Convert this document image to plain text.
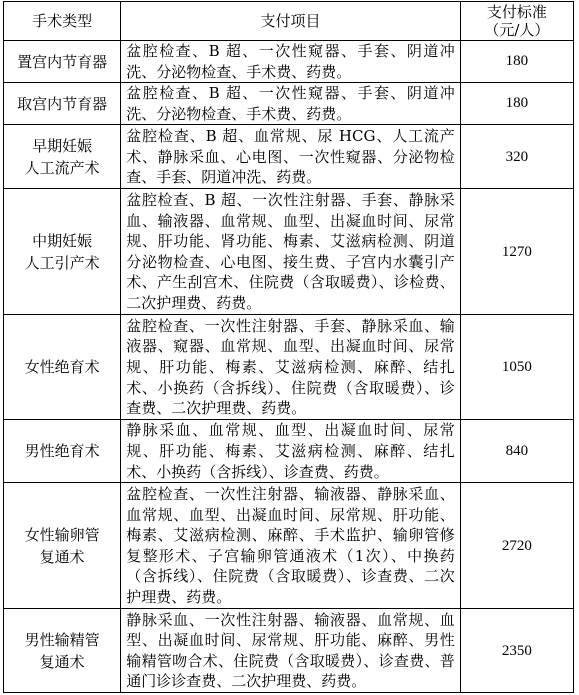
手术类型	支付项目	支付标准
（元/人）

置宫内节育器	盆腔检查、B 超、一次性窥器、手套、阴道冲洗、分泌物检查、手术费、药费。	180

取宫内节育器	盆腔检查、B 超、一次性窥器、手套、阴道冲洗、分泌物检查、手术费、药费。	180

早期妊娠
人工流产术	盆腔检查、B 超、血常规、尿 HCG、人工流产术、静脉采血、心电图、一次性窥器、分泌物检查、手套、阴道冲洗、药费。	320

中期妊娠
人工引产术	盆腔检查、B 超、一次性注射器、手套、静脉采血、输液器、血常规、血型、出凝血时间、尿常规、肝功能、肾功能、梅素、艾滋病检测、阴道分泌物检查、心电图、接生费、子宫内水囊引产术、产生刮宫术、住院费（含取暖费）、诊检费、二次护理费、药费。	1270

女性绝育术	盆腔检查、一次性注射器、手套、静脉采血、输液器、窥器、血常规、血型、出凝血时间、尿常规、肝功能、梅素、艾滋病检测、麻醉、结扎术、小换药（含拆线）、住院费（含取暖费）、诊查费、二次护理费、药费。	1050

男性绝育术	静脉采血、血常规、血型、出凝血时间、尿常规、肝功能、梅素、艾滋病检测、麻醉、结扎术、小换药（含拆线）、诊查费、药费。	840

女性输卵管
复通术	盆腔检查、一次性注射器、输液器、静脉采血、血常规、血型、出凝血时间、尿常规、肝功能、梅素、艾滋病检测、麻醉、手术监护、输卵管修复整形术、子宫输卵管通液术（1次）、中换药（含拆线）、住院费（含取暖费）、诊查费、二次护理费、药费。	2720

男性输精管
复通术	静脉采血、一次性注射器、输液器、血常规、血型、出凝血时间、尿常规、肝功能、麻醉、男性输精管吻合术、住院费（含取暖费）、诊查费、普通门诊诊查费、二次护理费、药费。	2350
